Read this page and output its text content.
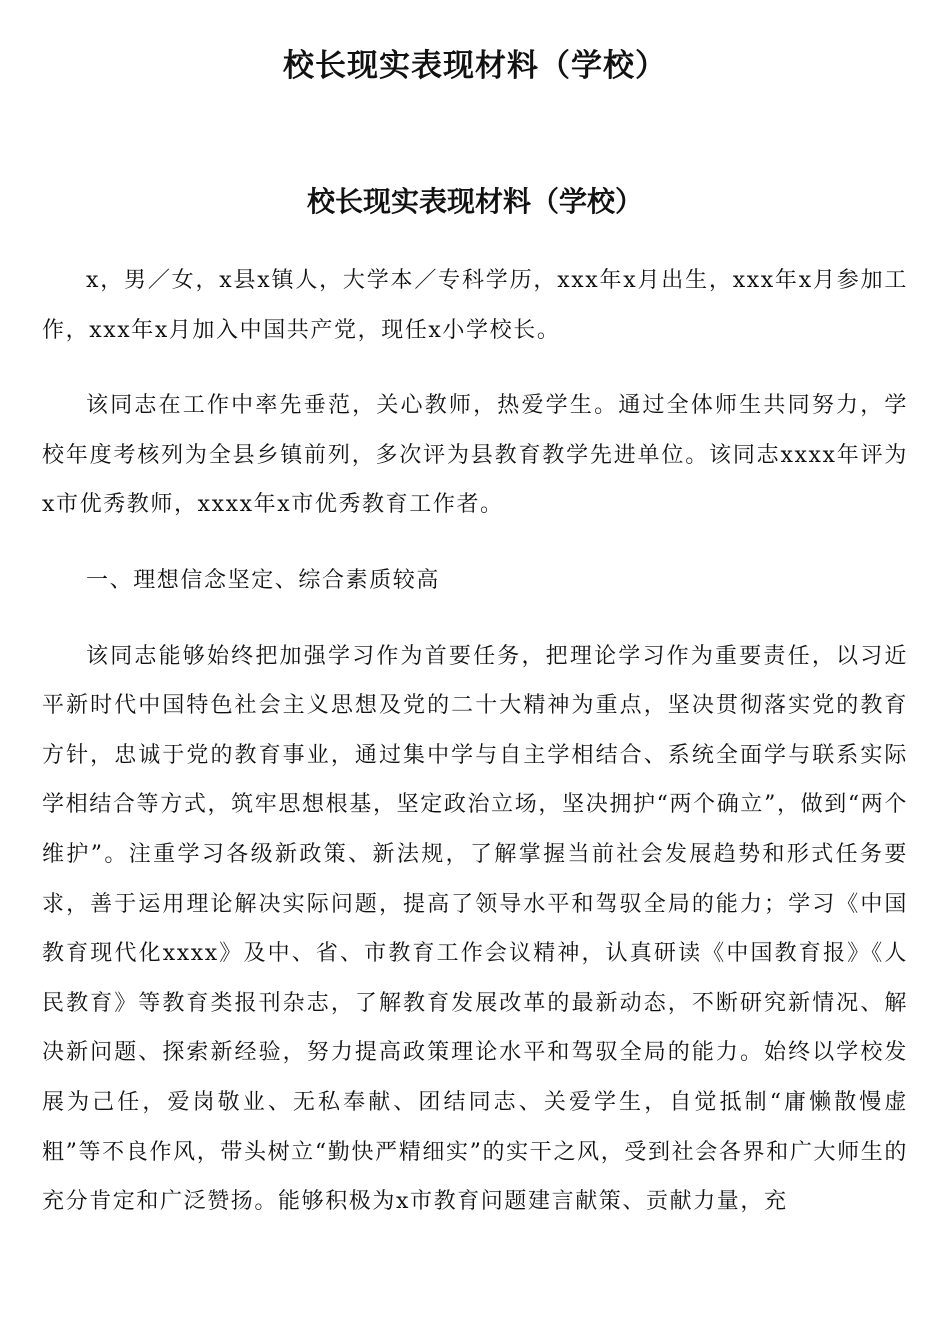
校长现实表现材料（学校）
校长现实表现材料（学校）

x，男／女，x县x镇人，大学本／专科学历，xxx年x月出生，xxx年x月参加工作，xxx年x月加入中国共产党，现任x小学校长。

该同志在工作中率先垂范，关心教师，热爱学生。通过全体师生共同努力，学校年度考核列为全县乡镇前列，多次评为县教育教学先进单位。该同志xxxx年评为x市优秀教师，xxxx年x市优秀教育工作者。

一、理想信念坚定、综合素质较高

该同志能够始终把加强学习作为首要任务，把理论学习作为重要责任，以习近平新时代中国特色社会主义思想及党的二十大精神为重点，坚决贯彻落实党的教育方针，忠诚于党的教育事业，通过集中学与自主学相结合、系统全面学与联系实际学相结合等方式，筑牢思想根基，坚定政治立场，坚决拥护“两个确立”，做到“两个维护”。注重学习各级新政策、新法规，了解掌握当前社会发展趋势和形式任务要求，善于运用理论解决实际问题，提高了领导水平和驾驭全局的能力；学习《中国教育现代化xxxx》及中、省、市教育工作会议精神，认真研读《中国教育报》《人民教育》等教育类报刊杂志，了解教育发展改革的最新动态，不断研究新情况、解决新问题、探索新经验，努力提高政策理论水平和驾驭全局的能力。始终以学校发展为己任，爱岗敬业、无私奉献、团结同志、关爱学生，自觉抵制“庸懒散慢虚粗”等不良作风，带头树立“勤快严精细实”的实干之风，受到社会各界和广大师生的充分肯定和广泛赞扬。能够积极为x市教育问题建言献策、贡献力量，充
